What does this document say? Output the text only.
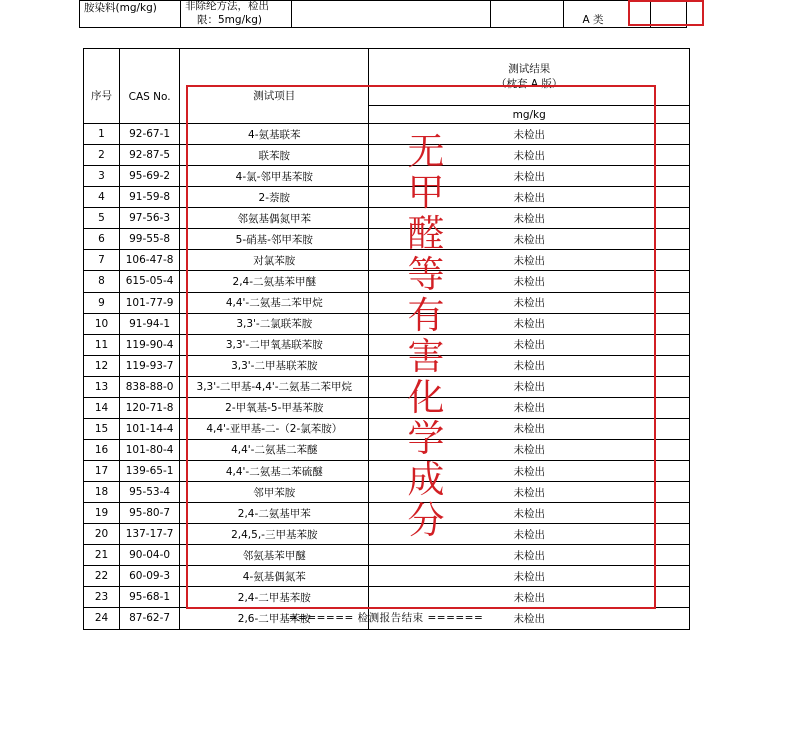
胺染料(mg/kg)	非除纶方法，检出
限：5mg/kg)			A 类	
序号	CAS No.	测试项目	测试结果
（枕套 A 版）

			mg/kg
1	92-67-1	4-氨基联苯	未检出
2	92-87-5	联苯胺	未检出
3	95-69-2	4-氯-邻甲基苯胺	未检出
4	91-59-8	2-萘胺	未检出
5	97-56-3	邻氨基偶氮甲苯	未检出
6	99-55-8	5-硝基-邻甲苯胺	未检出
7	106-47-8	对氯苯胺	未检出
8	615-05-4	2,4-二氨基苯甲醚	未检出
9	101-77-9	4,4'-二氨基二苯甲烷	未检出
10	91-94-1	3,3'-二氯联苯胺	未检出
11	119-90-4	3,3'-二甲氧基联苯胺	未检出
12	119-93-7	3,3'-二甲基联苯胺	未检出
13	838-88-0	3,3'-二甲基-4,4'-二氨基二苯甲烷	未检出
14	120-71-8	2-甲氧基-5-甲基苯胺	未检出
15	101-14-4	4,4'-亚甲基-二-（2-氯苯胺）	未检出
16	101-80-4	4,4'-二氨基二苯醚	未检出
17	139-65-1	4,4'-二氨基二苯硫醚	未检出
18	95-53-4	邻甲苯胺	未检出
19	95-80-7	2,4-二氨基甲苯	未检出
20	137-17-7	2,4,5,-三甲基苯胺	未检出
21	90-04-0	邻氨基苯甲醚	未检出
22	60-09-3	4-氨基偶氮苯	未检出
23	95-68-1	2,4-二甲基苯胺	未检出
24	87-62-7	2,6-二甲基苯胺	未检出
无
甲
醛
等
有
害
化
学
成
分
======= 检测报告结束 ======
